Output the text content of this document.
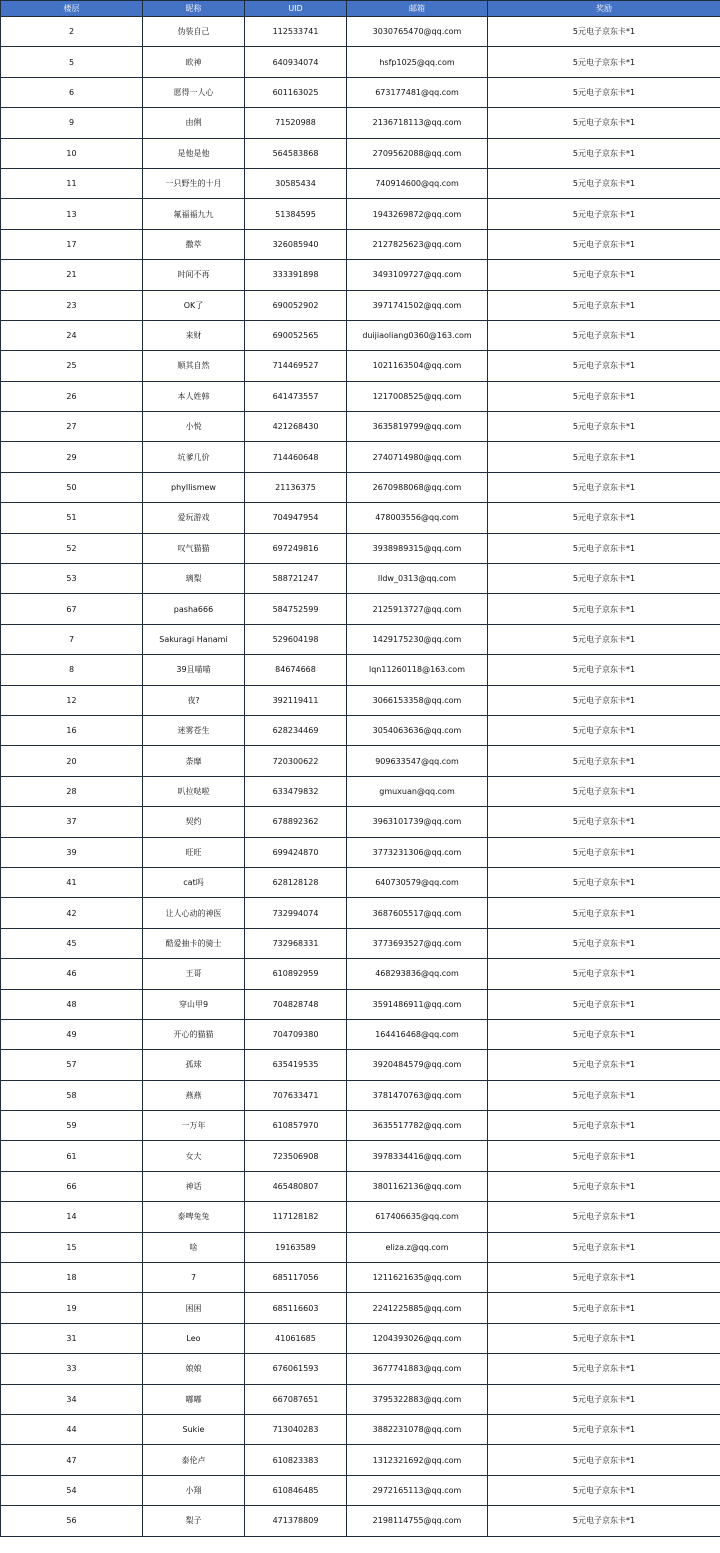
楼层	昵称	UID	邮箱	奖励
2	伪装自己	112533741	3030765470@qq.com	5元电子京东卡*1
5	欧神	640934074	hsfp1025@qq.com	5元电子京东卡*1
6	愿得一人心	601163025	673177481@qq.com	5元电子京东卡*1
9	由俐	71520988	2136718113@qq.com	5元电子京东卡*1
10	是他是他	564583868	2709562088@qq.com	5元电子京东卡*1
11	一只野生的十月	30585434	740914600@qq.com	5元电子京东卡*1
13	氟福福九九	51384595	1943269872@qq.com	5元电子京东卡*1
17	撒萃	326085940	2127825623@qq.com	5元电子京东卡*1
21	时间不再	333391898	3493109727@qq.com	5元电子京东卡*1
23	OK了	690052902	3971741502@qq.com	5元电子京东卡*1
24	来财	690052565	duijiaoliang0360@163.com	5元电子京东卡*1
25	顺其自然	714469527	1021163504@qq.com	5元电子京东卡*1
26	本人姓韩	641473557	1217008525@qq.com	5元电子京东卡*1
27	小悦	421268430	3635819799@qq.com	5元电子京东卡*1
29	坑爹几价	714460648	2740714980@qq.com	5元电子京东卡*1
50	phyllismew	21136375	2670988068@qq.com	5元电子京东卡*1
51	爱玩游戏	704947954	478003556@qq.com	5元电子京东卡*1
52	叹气猫猫	697249816	3938989315@qq.com	5元电子京东卡*1
53	璃梨	588721247	lldw_0313@qq.com	5元电子京东卡*1
67	pasha666	584752599	2125913727@qq.com	5元电子京东卡*1
7	Sakuragi Hanami	529604198	1429175230@qq.com	5元电子京东卡*1
8	39且喵喵	84674668	lqn11260118@163.com	5元电子京东卡*1
12	夜?	392119411	3066153358@qq.com	5元电子京东卡*1
16	迷雾苍生	628234469	3054063636@qq.com	5元电子京东卡*1
20	荼靡	720300622	909633547@qq.com	5元电子京东卡*1
28	叭拉哒啦	633479832	gmuxuan@qq.com	5元电子京东卡*1
37	契约	678892362	3963101739@qq.com	5元电子京东卡*1
39	旺旺	699424870	3773231306@qq.com	5元电子京东卡*1
41	cat吗	628128128	640730579@qq.com	5元电子京东卡*1
42	让人心动的神医	732994074	3687605517@qq.com	5元电子京东卡*1
45	酷爱抽卡的骑士	732968331	3773693527@qq.com	5元电子京东卡*1
46	王哥	610892959	468293836@qq.com	5元电子京东卡*1
48	穿山甲9	704828748	3591486911@qq.com	5元电子京东卡*1
49	开心的猫猫	704709380	164416468@qq.com	5元电子京东卡*1
57	孤球	635419535	3920484579@qq.com	5元电子京东卡*1
58	燕燕	707633471	3781470763@qq.com	5元电子京东卡*1
59	一万年	610857970	3635517782@qq.com	5元电子京东卡*1
61	女大	723506908	3978334416@qq.com	5元电子京东卡*1
66	神话	465480807	3801162136@qq.com	5元电子京东卡*1
14	泰啤兔兔	117128182	617406635@qq.com	5元电子京东卡*1
15	啥	19163589	eliza.z@qq.com	5元电子京东卡*1
18	7	685117056	1211621635@qq.com	5元电子京东卡*1
19	困困	685116603	2241225885@qq.com	5元电子京东卡*1
31	Leo	41061685	1204393026@qq.com	5元电子京东卡*1
33	娘娘	676061593	3677741883@qq.com	5元电子京东卡*1
34	嘟嘟	667087651	3795322883@qq.com	5元电子京东卡*1
44	Sukie	713040283	3882231078@qq.com	5元电子京东卡*1
47	泰伦卢	610823383	1312321692@qq.com	5元电子京东卡*1
54	小翔	610846485	2972165113@qq.com	5元电子京东卡*1
56	梨子	471378809	2198114755@qq.com	5元电子京东卡*1
